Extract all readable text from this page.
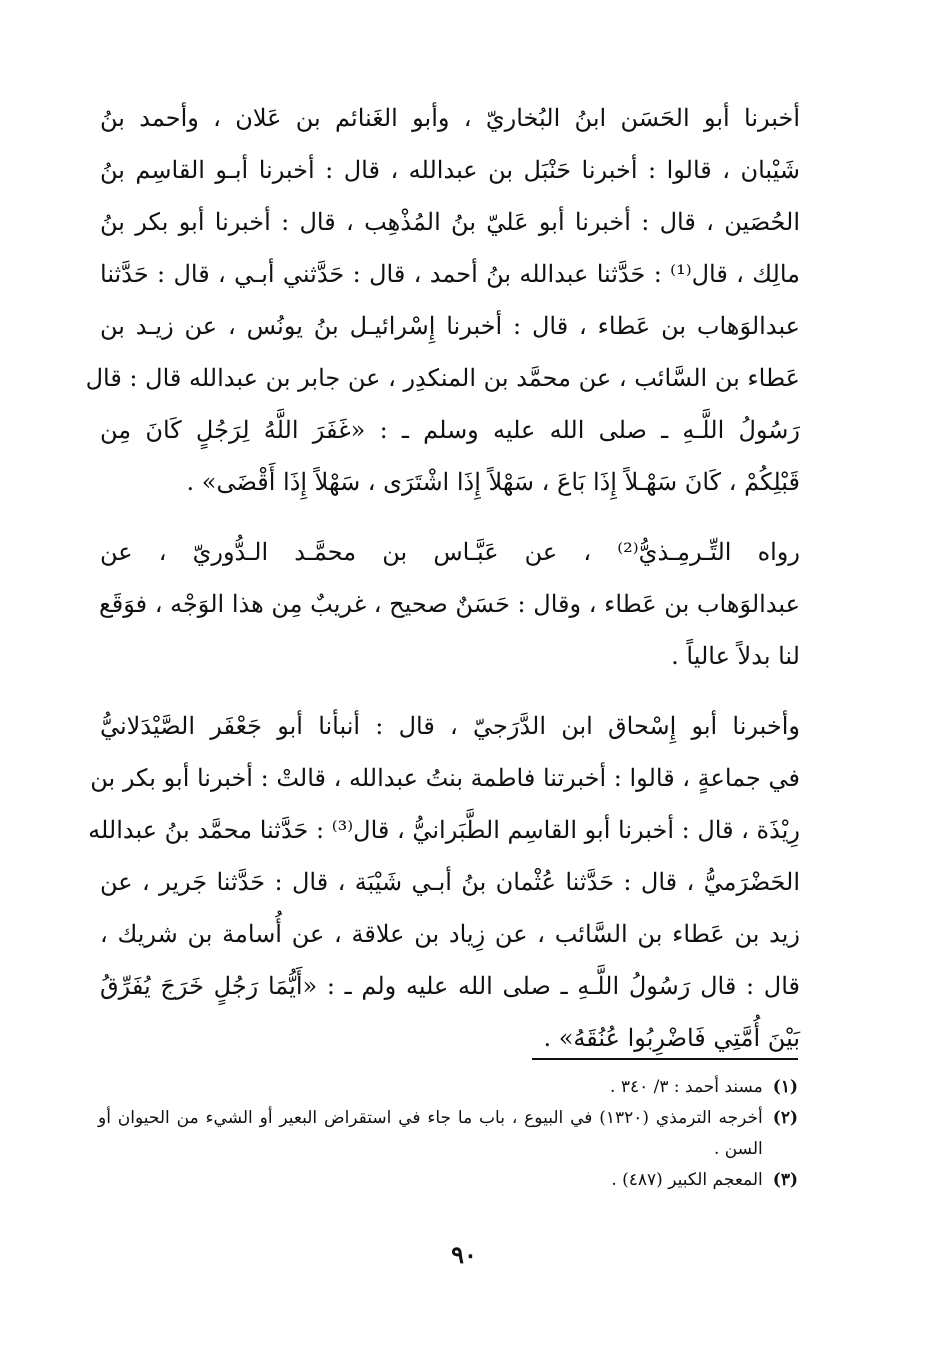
أخبرنا أبو الحَسَن ابنُ البُخاريّ ، وأبو الغَنائم بن عَلان ، وأحمد بنُ
شَيْبان ، قالوا : أخبرنا حَنْبَل بن عبدالله ، قال : أخبرنا أبـو القاسِم بنُ
الحُصَين ، قال : أخبرنا أبو عَليّ بنُ المُذْهِب ، قال : أخبرنا أبو بكر بنُ
مالِك ، قال⁽¹⁾ : حَدَّثنا عبدالله بنُ أحمد ، قال : حَدَّثني أبـي ، قال : حَدَّثنا
عبدالوَهاب بن عَطاء ، قال : أخبرنا إِسْرائيـل بنُ يونُس ، عن زيـد بن
عَطاء بن السَّائب ، عن محمَّد بن المنكدِر ، عن جابر بن عبدالله قال : قال
رَسُولُ اللَّـهِ ـ صلى الله عليه وسلم ـ : «غَفَرَ اللَّهُ لِرَجُلٍ كَانَ مِن
قَبْلِكُمْ ، كَانَ سَهْـلاً إِذَا بَاعَ ، سَهْلاً إِذَا اشْتَرَى ، سَهْلاً إِذَا أَقْضَى» .
رواه التِّـرمِـذيُّ⁽²⁾ ، عن عَبَّـاس بن محمَّـد الـدُّوريّ ، عن
عبدالوَهاب بن عَطاء ، وقال : حَسَنٌ صحيح ، غريبٌ مِن هذا الوَجْه ، فوَقَع
لنا بدلاً عالياً .
وأخبرنا أبو إِسْحاق ابن الدَّرَجيّ ، قال : أنبأنا أبو جَعْفَر الصَّيْدَلانيُّ
في جماعةٍ ، قالوا : أخبرتنا فاطمة بنتُ عبدالله ، قالتْ : أخبرنا أبو بكر بن
رِيْذَة ، قال : أخبرنا أبو القاسِم الطَّبَرانيُّ ، قال⁽³⁾ : حَدَّثنا محمَّد بنُ عبدالله
الحَضْرَميُّ ، قال : حَدَّثنا عُثْمان بنُ أبـي شَيْبَة ، قال : حَدَّثنا جَرير ، عن
زيد بن عَطاء بن السَّائب ، عن زِياد بن علاقة ، عن أُسامة بن شريك ،
قال : قال رَسُولُ اللَّـهِ ـ صلى الله عليه ولم ـ : «أَيُّمَا رَجُلٍ خَرَجَ يُفَرِّقُ
بَيْنَ أُمَّتِي فَاضْرِبُوا عُنُقَهُ» .
(١)
مسند أحمد : ٣/ ٣٤٠ .
(٢)
أخرجه الترمذي (١٣٢٠) في البيوع ، باب ما جاء في استقراض البعير أو الشيء من الحيوان أو السن .
(٣)
المعجم الكبير (٤٨٧) .
٩٠
